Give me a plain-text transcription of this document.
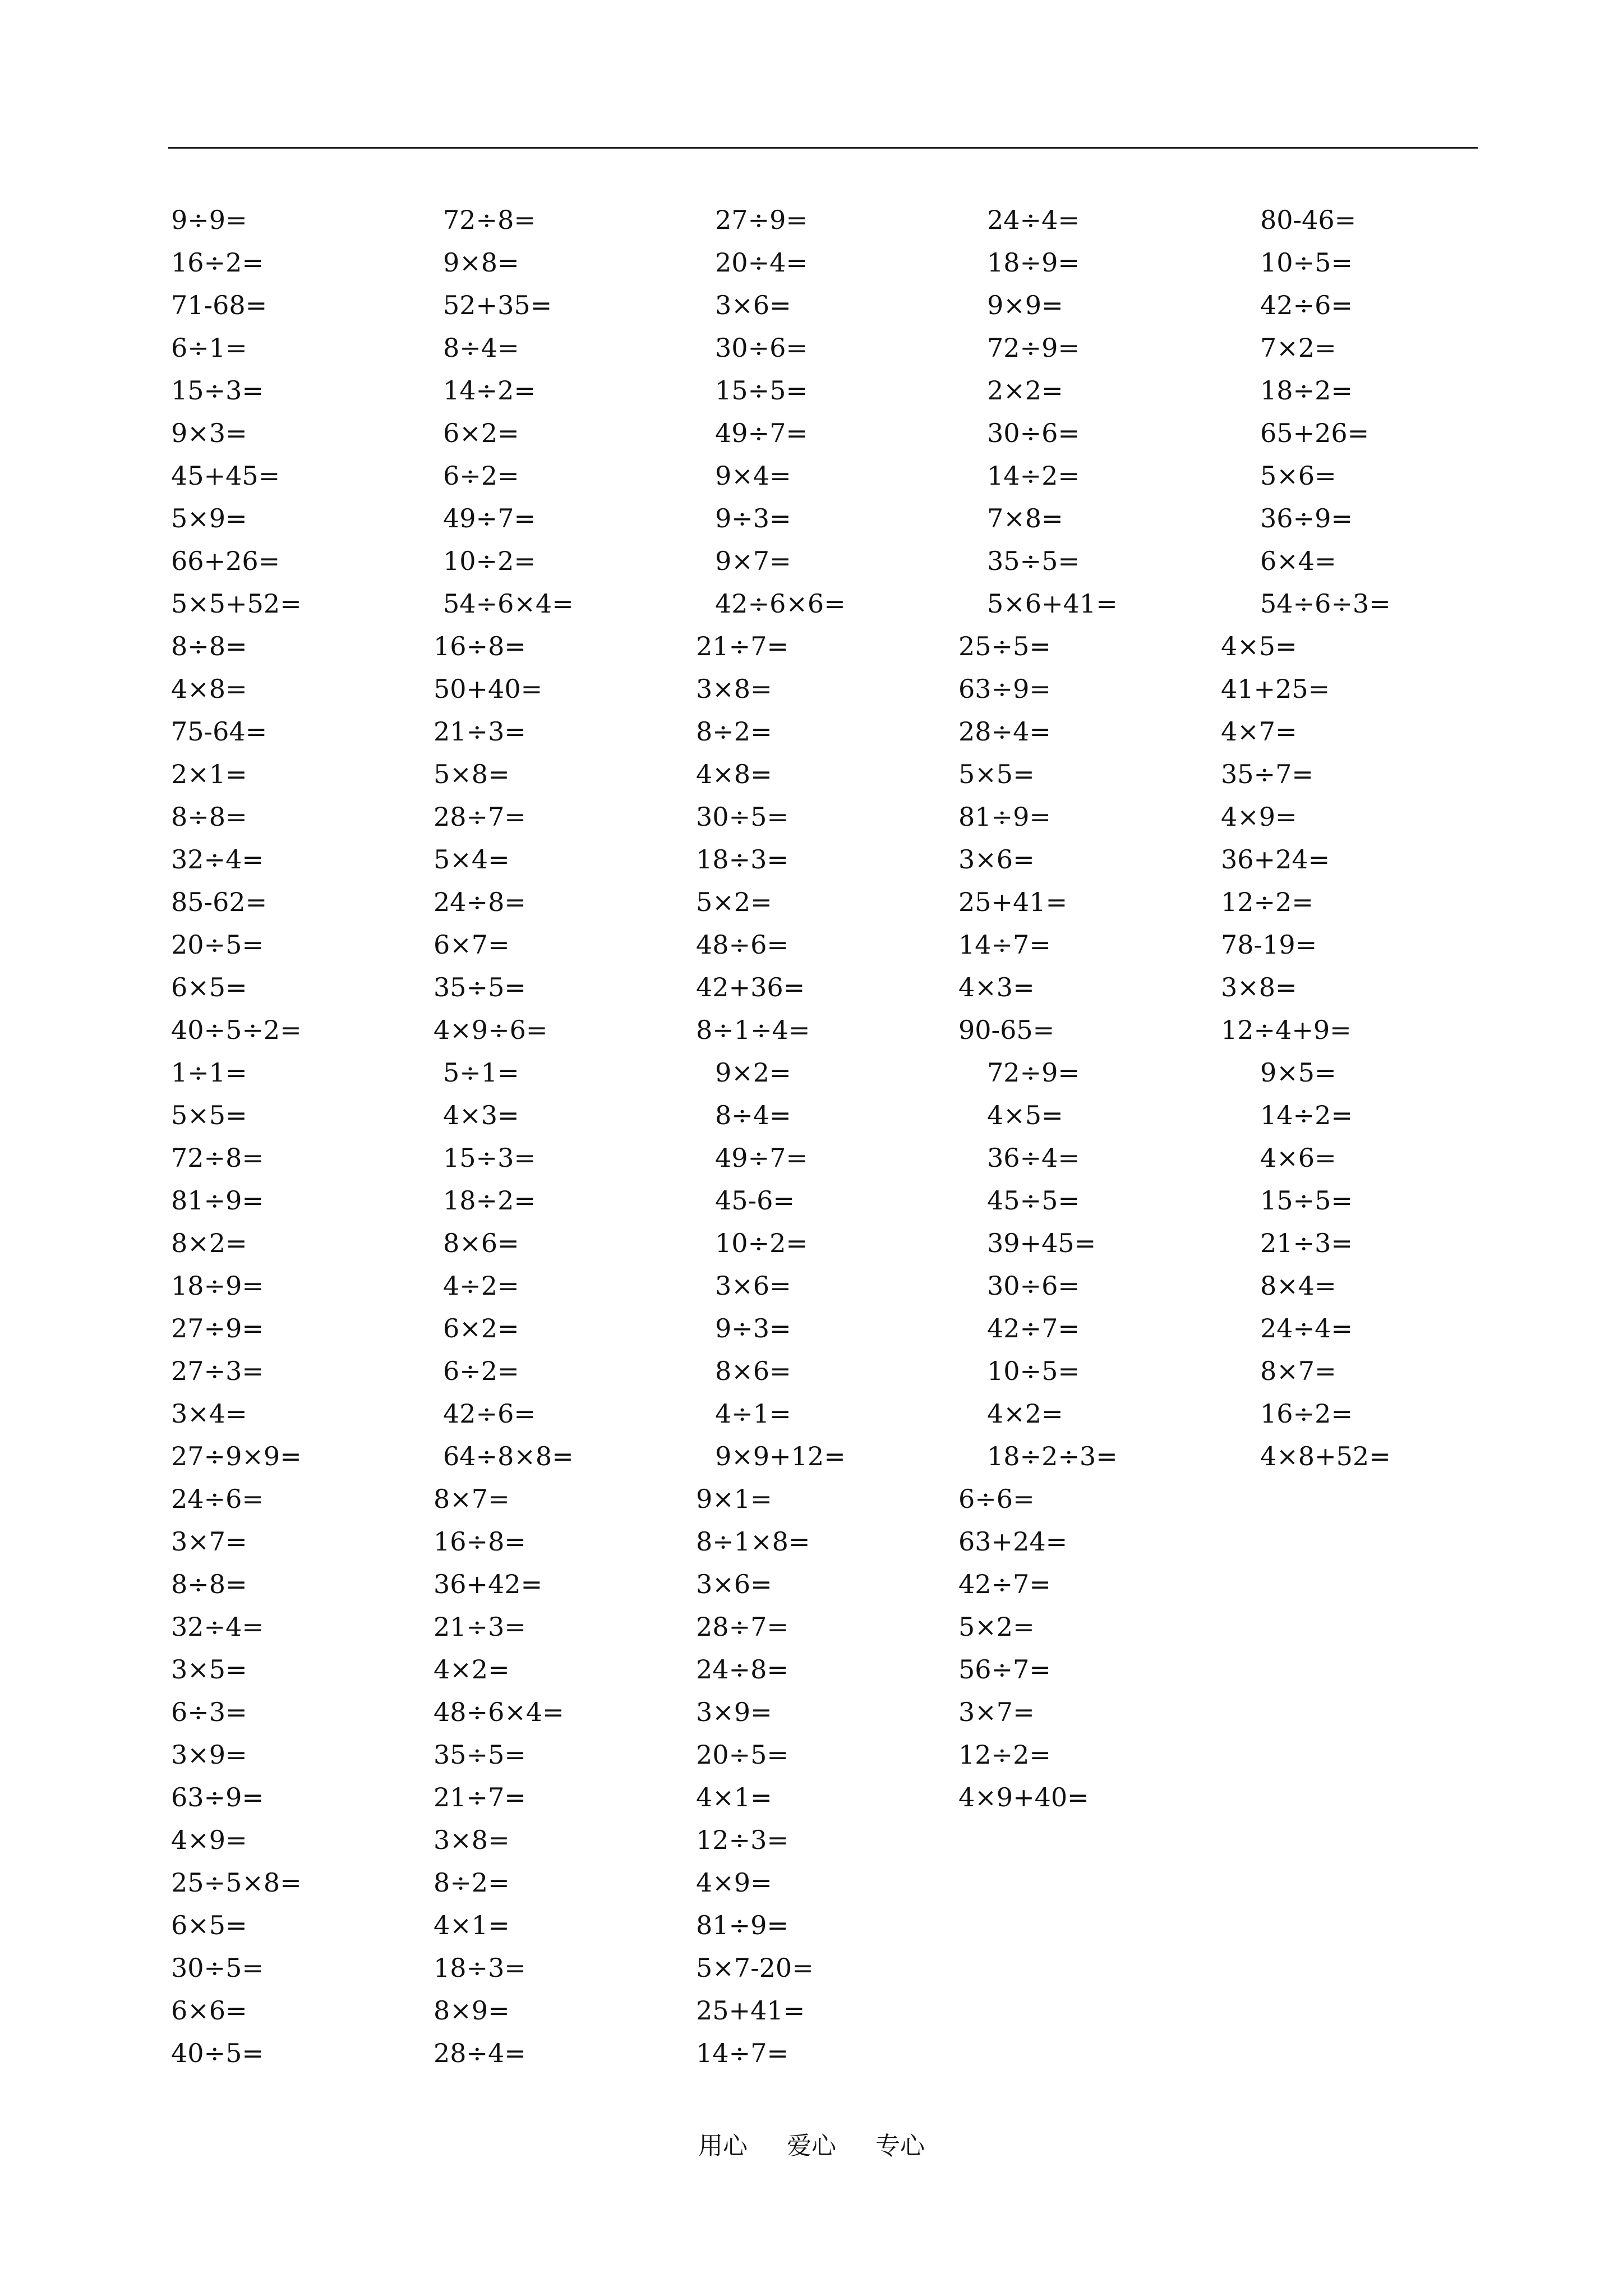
9÷9=	72÷8=	27÷9=	24÷4=	80-46=
16÷2=	9×8=	20÷4=	18÷9=	10÷5=
71-68=	52+35=	3×6=	9×9=	42÷6=
6÷1=	8÷4=	30÷6=	72÷9=	7×2=
15÷3=	14÷2=	15÷5=	2×2=	18÷2=
9×3=	6×2=	49÷7=	30÷6=	65+26=
45+45=	6÷2=	9×4=	14÷2=	5×6=
5×9=	49÷7=	9÷3=	7×8=	36÷9=
66+26=	10÷2=	9×7=	35÷5=	6×4=
5×5+52=	54÷6×4=	42÷6×6=	5×6+41=	54÷6÷3=
8÷8=	16÷8=	21÷7=	25÷5=	4×5=
4×8=	50+40=	3×8=	63÷9=	41+25=
75-64=	21÷3=	8÷2=	28÷4=	4×7=
2×1=	5×8=	4×8=	5×5=	35÷7=
8÷8=	28÷7=	30÷5=	81÷9=	4×9=
32÷4=	5×4=	18÷3=	3×6=	36+24=
85-62=	24÷8=	5×2=	25+41=	12÷2=
20÷5=	6×7=	48÷6=	14÷7=	78-19=
6×5=	35÷5=	42+36=	4×3=	3×8=
40÷5÷2=	4×9÷6=	8÷1÷4=	90-65=	12÷4+9=
1÷1=	5÷1=	9×2=	72÷9=	9×5=
5×5=	4×3=	8÷4=	4×5=	14÷2=
72÷8=	15÷3=	49÷7=	36÷4=	4×6=
81÷9=	18÷2=	45-6=	45÷5=	15÷5=
8×2=	8×6=	10÷2=	39+45=	21÷3=
18÷9=	4÷2=	3×6=	30÷6=	8×4=
27÷9=	6×2=	9÷3=	42÷7=	24÷4=
27÷3=	6÷2=	8×6=	10÷5=	8×7=
3×4=	42÷6=	4÷1=	4×2=	16÷2=
27÷9×9=	64÷8×8=	9×9+12=	18÷2÷3=	4×8+52=
24÷6=	8×7=	9×1=	6÷6=
3×7=	16÷8=	8÷1×8=	63+24=
8÷8=	36+42=	3×6=	42÷7=
32÷4=	21÷3=	28÷7=	5×2=
3×5=	4×2=	24÷8=	56÷7=
6÷3=	48÷6×4=	3×9=	3×7=
3×9=	35÷5=	20÷5=	12÷2=
63÷9=	21÷7=	4×1=	4×9+40=
4×9=	3×8=	12÷3=
25÷5×8=	8÷2=	4×9=
6×5=	4×1=	81÷9=
30÷5=	18÷3=	5×7-20=
6×6=	8×9=	25+41=
40÷5=	28÷4=	14÷7=
用心 爱心 专心
